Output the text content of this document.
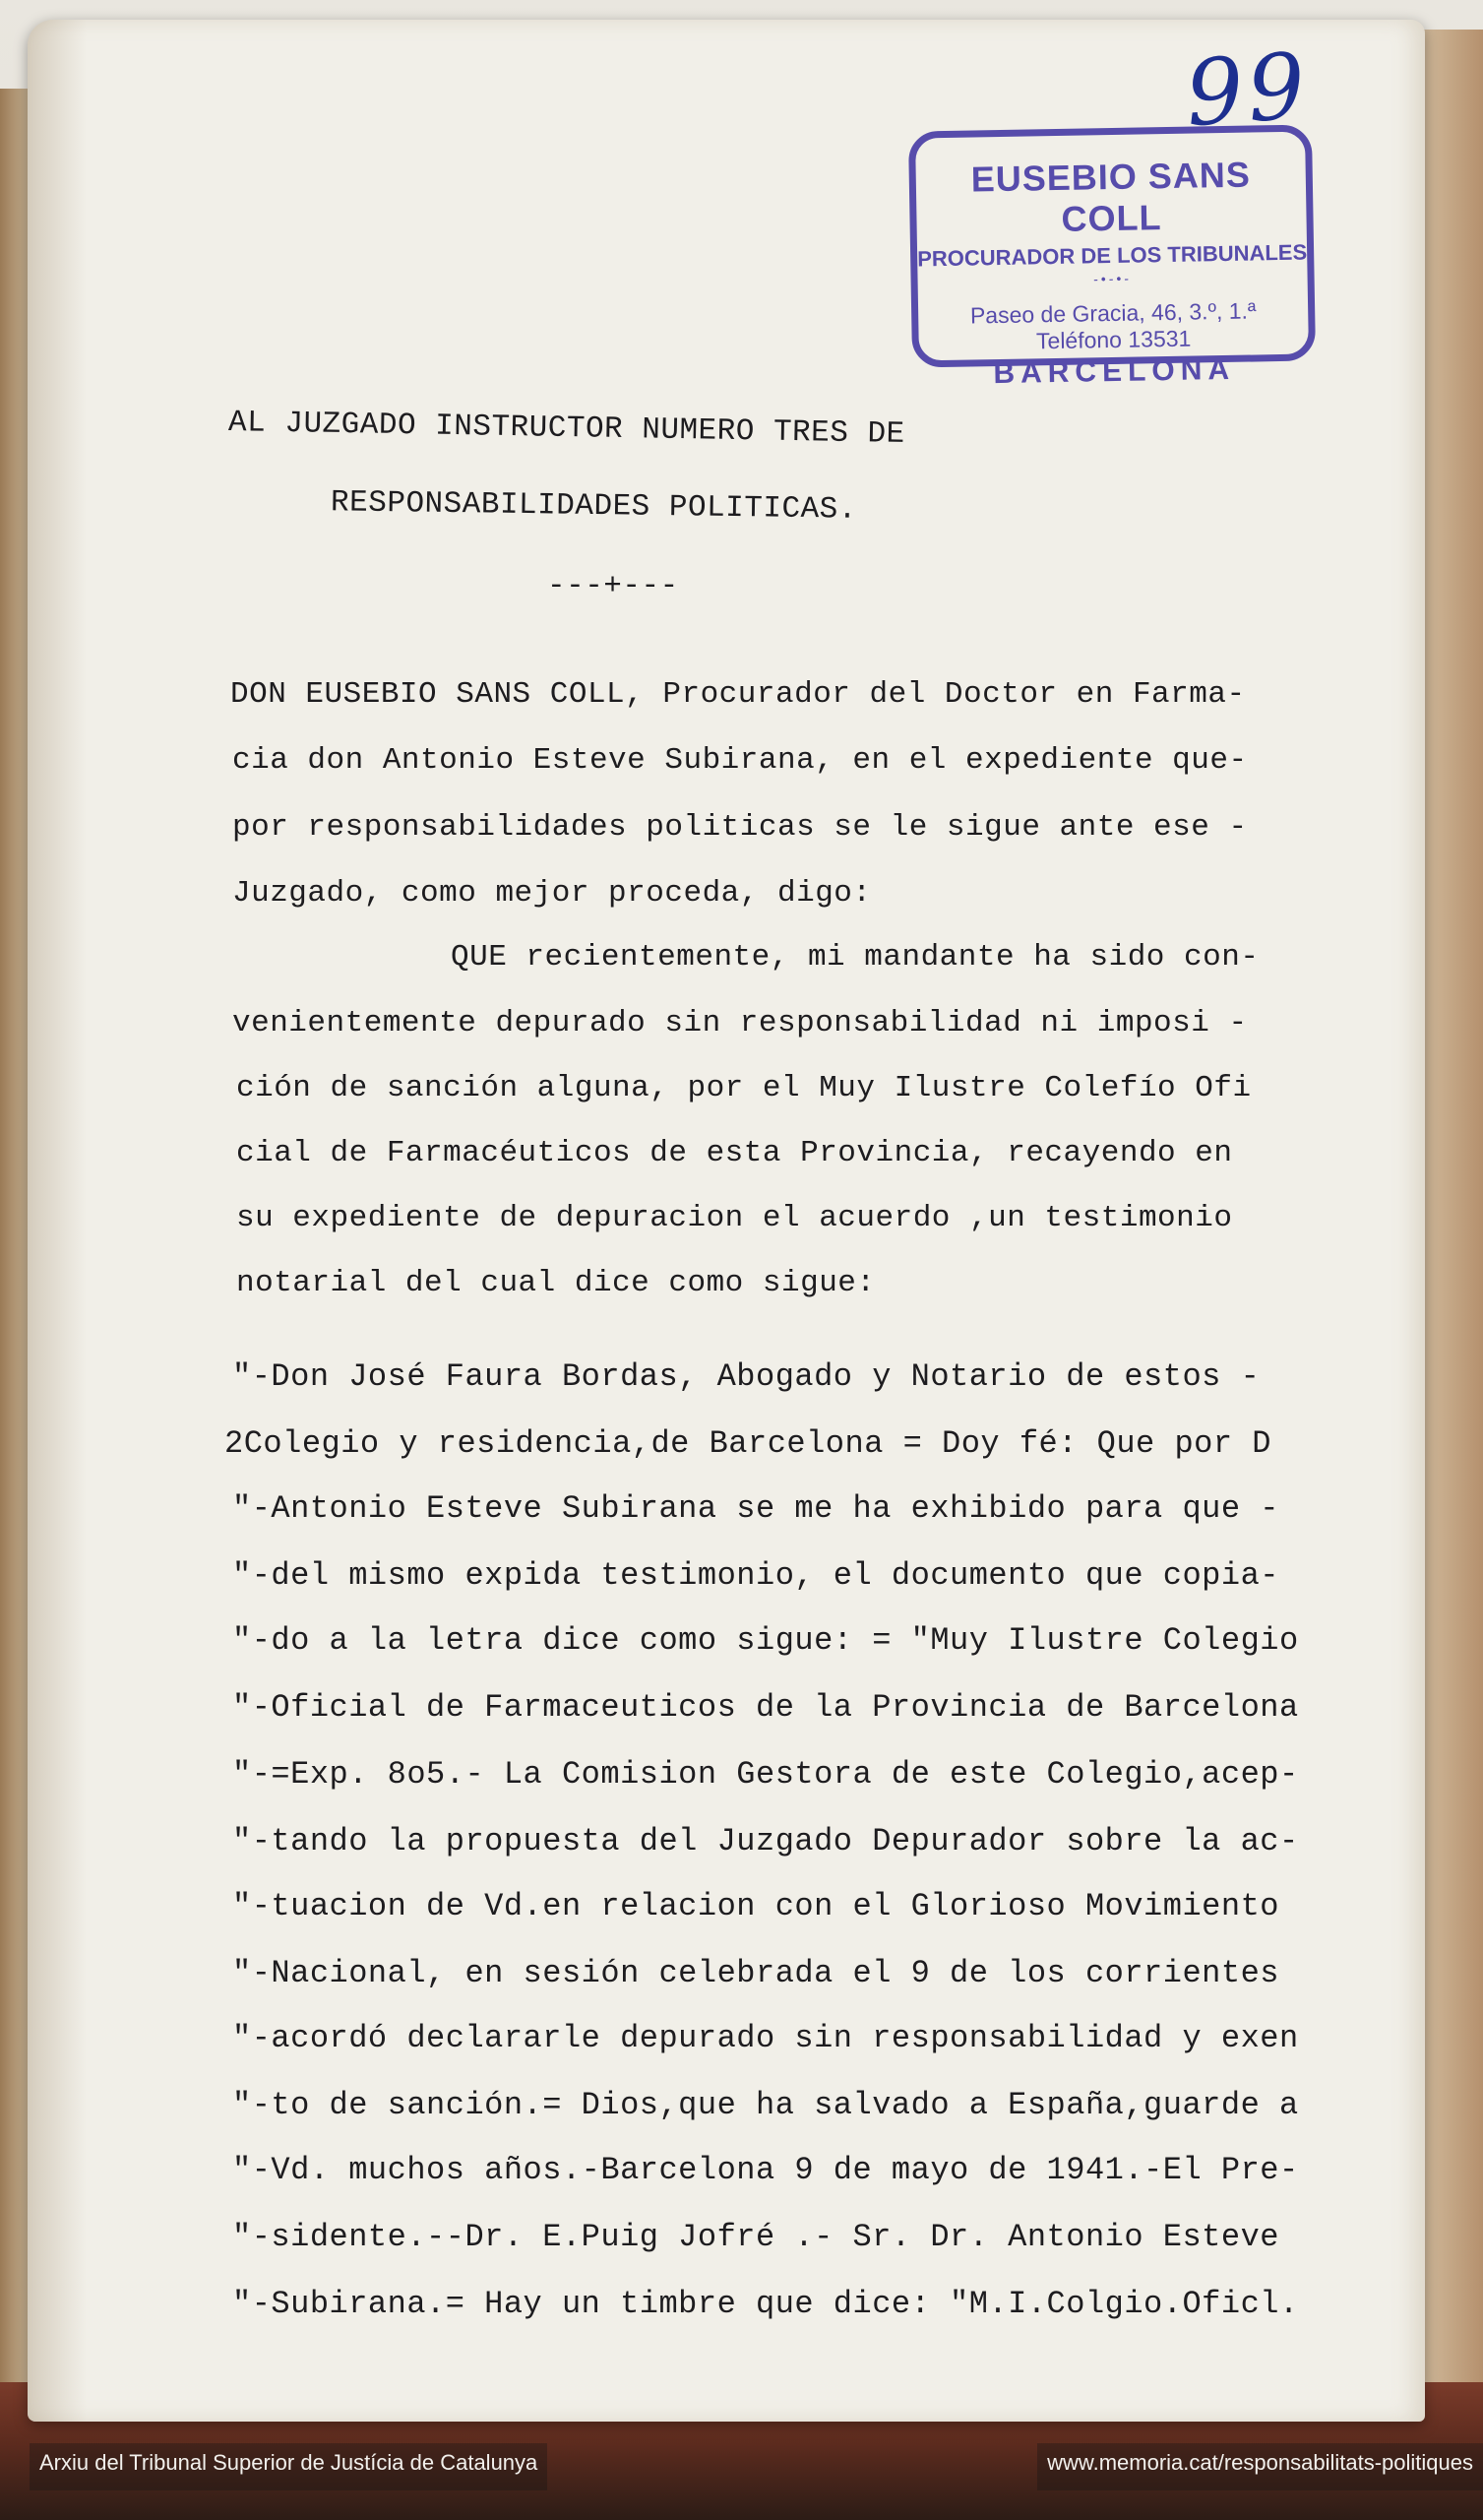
99
EUSEBIO SANS COLL
PROCURADOR DE LOS TRIBUNALES
-•-•-
Paseo de Gracia, 46, 3.º, 1.ª
Teléfono 13531
BARCELONA
AL JUZGADO INSTRUCTOR NUMERO TRES DE
RESPONSABILIDADES POLITICAS.
---+---
DON EUSEBIO SANS COLL, Procurador del Doctor en Farma-
cia don Antonio Esteve Subirana, en el expediente que-
por responsabilidades politicas se le sigue ante ese -
Juzgado, como mejor proceda, digo:
QUE recientemente, mi mandante ha sido con-
venientemente depurado sin responsabilidad ni imposi -
ción de sanción alguna, por el Muy Ilustre Colefío Ofi
cial de Farmacéuticos de esta Provincia, recayendo en
su expediente de depuracion el acuerdo ,un testimonio
notarial del cual dice como sigue:
"-Don José Faura Bordas, Abogado y Notario de estos -
2Colegio y residencia,de Barcelona = Doy fé: Que por D
"-Antonio Esteve Subirana se me ha exhibido para que -
"-del mismo expida testimonio, el documento que copia-
"-do a la letra dice como sigue: = "Muy Ilustre Colegio
"-Oficial de Farmaceuticos de la Provincia de Barcelona
"-=Exp. 8o5.- La Comision Gestora de este Colegio,acep-
"-tando la propuesta del Juzgado Depurador sobre la ac-
"-tuacion de Vd.en relacion con el Glorioso Movimiento
"-Nacional, en sesión celebrada el 9 de los corrientes
"-acordó declararle depurado sin responsabilidad y exen
"-to de sanción.= Dios,que ha salvado a España,guarde a
"-Vd. muchos años.-Barcelona 9 de mayo de 1941.-El Pre-
"-sidente.--Dr. E.Puig Jofré .- Sr. Dr. Antonio Esteve
"-Subirana.= Hay un timbre que dice: "M.I.Colgio.Oficl.
Arxiu del Tribunal Superior de Justícia de Catalunya	www.memoria.cat/responsabilitats-politiques
